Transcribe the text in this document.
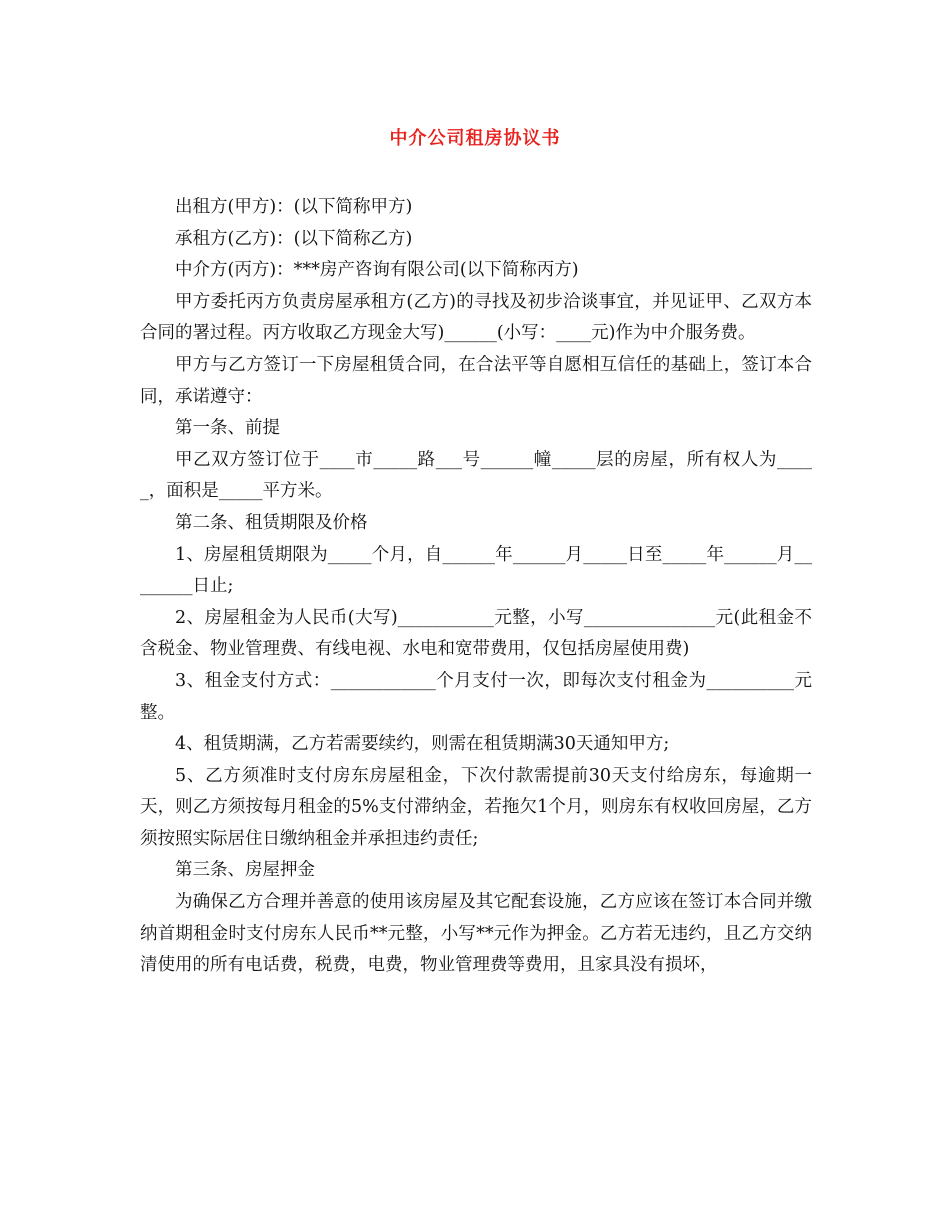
中介公司租房协议书

出租方(甲方)：(以下简称甲方)

承租方(乙方)：(以下简称乙方)

中介方(丙方)：***房产咨询有限公司(以下简称丙方)

甲方委托丙方负责房屋承租方(乙方)的寻找及初步洽谈事宜，并见证甲、乙双方本合同的署过程。丙方收取乙方现金大写)______(小写：____元)作为中介服务费。

甲方与乙方签订一下房屋租赁合同，在合法平等自愿相互信任的基础上，签订本合同，承诺遵守：

第一条、前提

甲乙双方签订位于____市_____路___号______幢_____层的房屋，所有权人为_____，面积是_____平方米。

第二条、租赁期限及价格

1、房屋租赁期限为_____个月，自______年______月_____日至_____年______月________日止;

2、房屋租金为人民币(大写)___________元整，小写_______________元(此租金不含税金、物业管理费、有线电视、水电和宽带费用，仅包括房屋使用费)

3、租金支付方式：____________个月支付一次，即每次支付租金为__________元整。

4、租赁期满，乙方若需要续约，则需在租赁期满30天通知甲方;

5、乙方须准时支付房东房屋租金，下次付款需提前30天支付给房东，每逾期一天，则乙方须按每月租金的5%支付滞纳金，若拖欠1个月，则房东有权收回房屋，乙方须按照实际居住日缴纳租金并承担违约责任;

第三条、房屋押金

为确保乙方合理并善意的使用该房屋及其它配套设施，乙方应该在签订本合同并缴纳首期租金时支付房东人民币**元整，小写**元作为押金。乙方若无违约，且乙方交纳清使用的所有电话费，税费，电费，物业管理费等费用，且家具没有损坏，
